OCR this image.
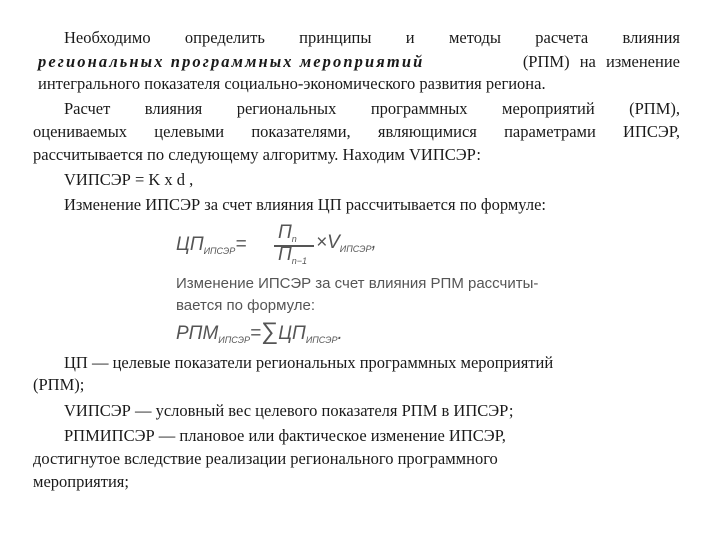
Необходимо определить принципы и методы расчета влияния
региональных программных мероприятий	(РПМ) на изменение
интегрального показателя социально-экономического развития региона.
Расчет влияния региональных программных мероприятий (РПМ),
оцениваемых целевыми показателями, являющимися параметрами ИПСЭР,
рассчитывается по следующему алгоритму. Находим VИПСЭР:
VИПСЭР = K x d ,
Изменение ИПСЭР за счет влияния ЦП рассчитывается по формуле:
$ЦП_{ИПСЭР}=$
$П_n$
$П_{n-1}$
$\times V_{ИПСЭР}$,
Изменение ИПСЭР за счет влияния РПМ рассчиты-
вается по формуле:
$РПМ_{ИПСЭР}=\sum ЦП_{ИПСЭР}$.
ЦП — целевые показатели региональных программных мероприятий
(РПМ);
VИПСЭР — условный вес целевого показателя РПМ в ИПСЭР;
РПМИПСЭР — плановое или фактическое изменение ИПСЭР,
достигнутое вследствие реализации регионального программного
мероприятия;
